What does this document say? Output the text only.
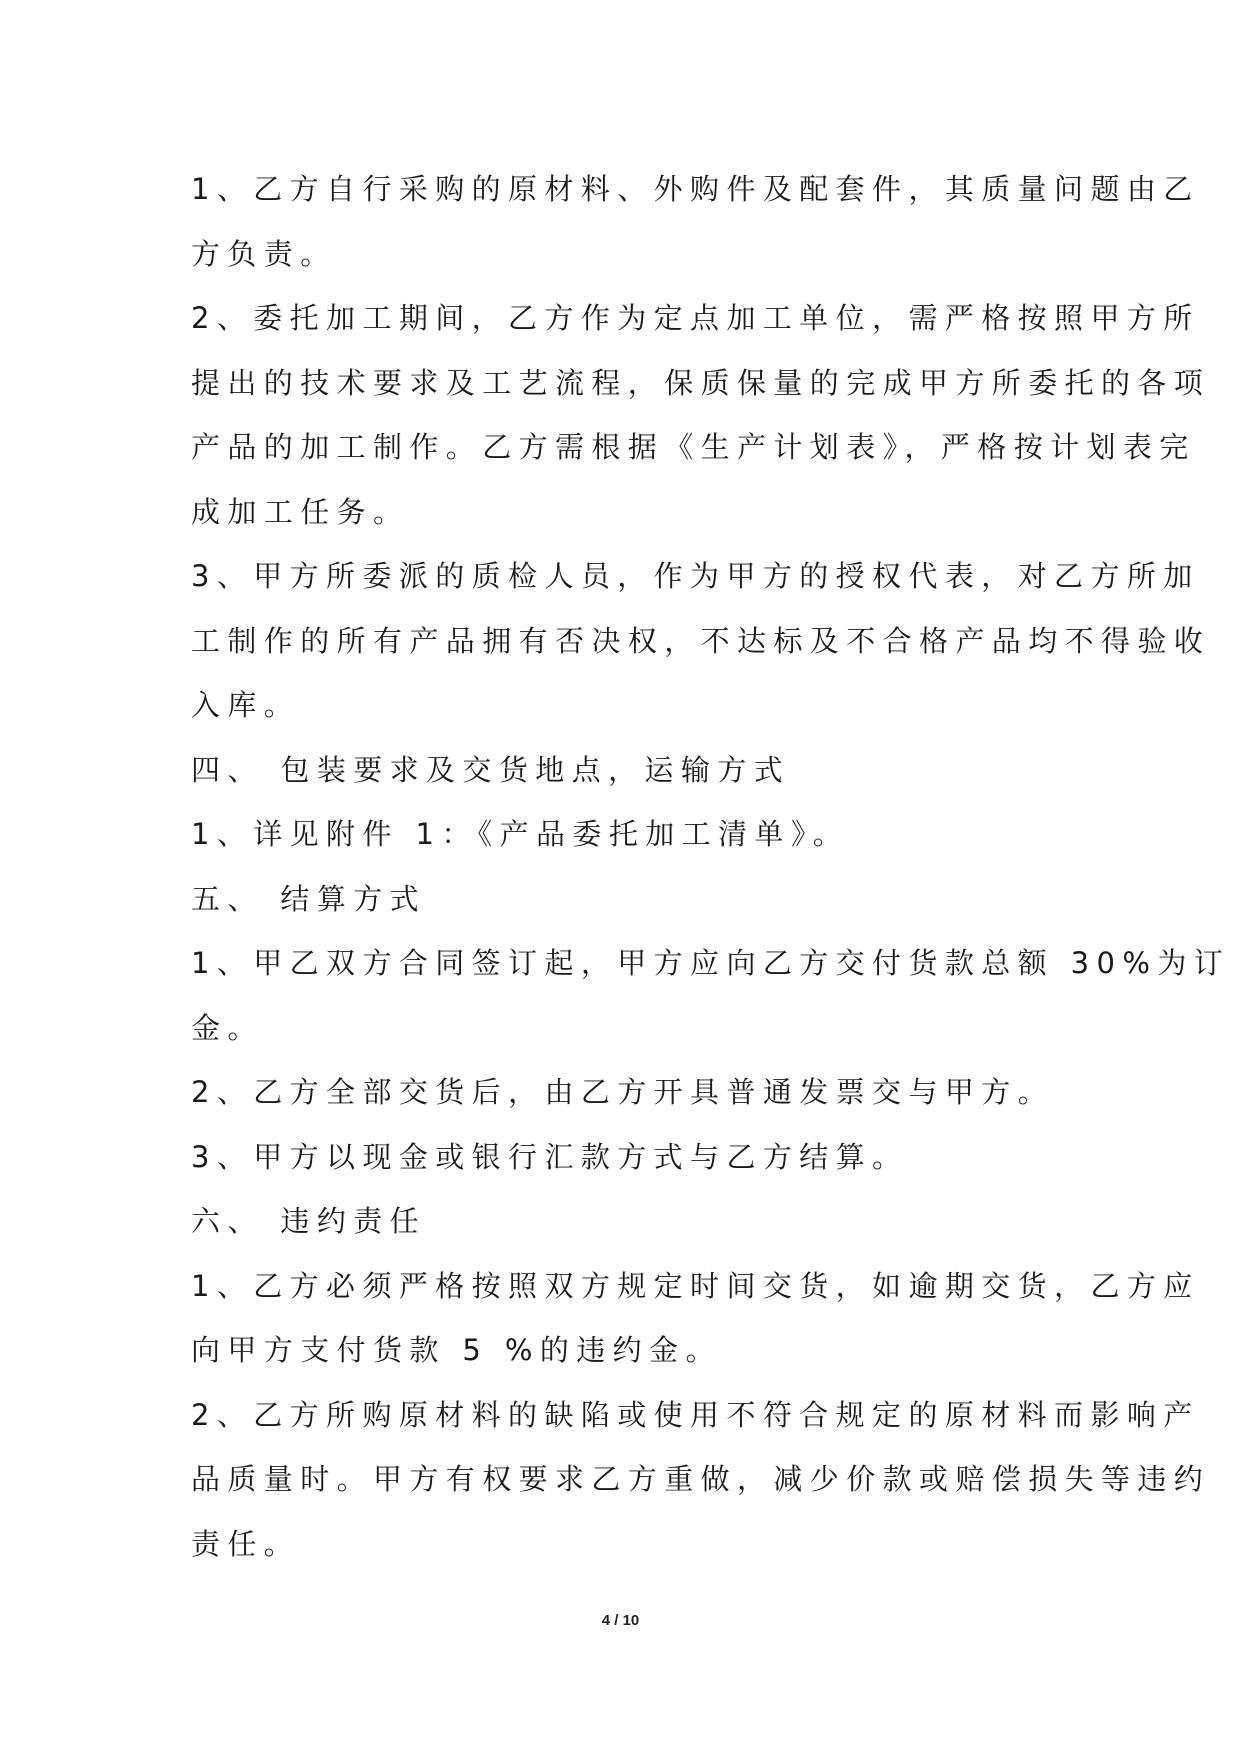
1、乙方自行采购的原材料、外购件及配套件，其质量问题由乙
方负责。
2、委托加工期间，乙方作为定点加工单位，需严格按照甲方所
提出的技术要求及工艺流程，保质保量的完成甲方所委托的各项
产品的加工制作。乙方需根据《生产计划表》，严格按计划表完
成加工任务。
3、甲方所委派的质检人员，作为甲方的授权代表，对乙方所加
工制作的所有产品拥有否决权，不达标及不合格产品均不得验收
入库。
四、 包装要求及交货地点，运输方式
1、详见附件 1：《产品委托加工清单》。
五、 结算方式
1、甲乙双方合同签订起，甲方应向乙方交付货款总额 30%为订
金。
2、乙方全部交货后，由乙方开具普通发票交与甲方。
3、甲方以现金或银行汇款方式与乙方结算。
六、 违约责任
1、乙方必须严格按照双方规定时间交货，如逾期交货，乙方应
向甲方支付货款 5 %的违约金。
2、乙方所购原材料的缺陷或使用不符合规定的原材料而影响产
品质量时。甲方有权要求乙方重做，减少价款或赔偿损失等违约
责任。
4 / 10
